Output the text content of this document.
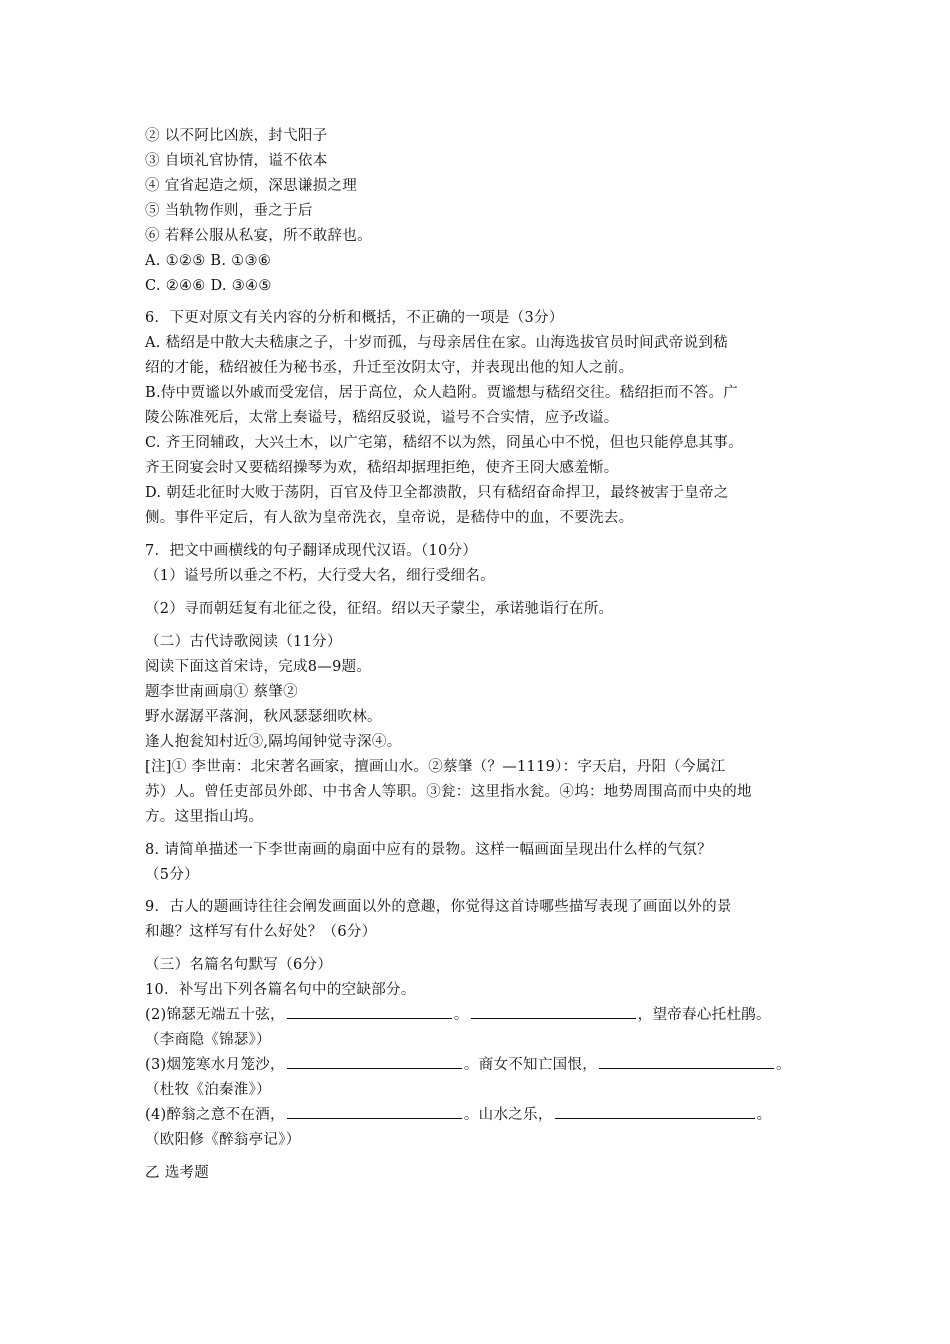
② 以不阿比凶族，封弋阳子
③ 自顷礼官协情，谥不依本
④ 宜省起造之烦，深思谦损之理
⑤ 当轨物作则，垂之于后
⑥ 若释公服从私宴，所不敢辞也。
A. ①②⑤ B. ①③⑥
C. ②④⑥ D. ③④⑤
6．下更对原文有关内容的分析和概括，不正确的一项是（3分）
A. 嵇绍是中散大夫嵇康之子，十岁而孤，与母亲居住在家。山海选拔官员时间武帝说到嵇
绍的才能，嵇绍被任为秘书丞，升迁至汝阴太守，并表现出他的知人之前。
B.侍中贾谧以外戚而受宠信，居于高位，众人趋附。贾谧想与嵇绍交往。嵇绍拒而不答。广
陵公陈准死后，太常上奏谥号，嵇绍反驳说，谥号不合实情，应予改谥。
C. 齐王冏辅政，大兴土木，以广宅第，嵇绍不以为然，冏虽心中不悦，但也只能停息其事。
齐王冏宴会时又要嵇绍操琴为欢，嵇绍却据理拒绝，使齐王冏大感羞惭。
D. 朝廷北征时大败于荡阴，百官及侍卫全都溃散，只有嵇绍奋命捍卫，最终被害于皇帝之
侧。事件平定后，有人欲为皇帝洗衣，皇帝说，是嵇侍中的血，不要洗去。
7．把文中画横线的句子翻译成现代汉语。（10分）
（1）谥号所以垂之不朽，大行受大名，细行受细名。
（2）寻而朝廷复有北征之役，征绍。绍以天子蒙尘，承诺驰诣行在所。
（二）古代诗歌阅读（11分）
阅读下面这首宋诗，完成8—9题。
题李世南画扇① 蔡肇②
野水潺潺平落涧，秋风瑟瑟细吹林。
逢人抱瓮知村近③,隔坞闻钟觉寺深④。
[注]① 李世南：北宋著名画家，擅画山水。②蔡肇（？—1119）：字天启，丹阳（今属江
苏）人。曾任吏部员外郎、中书舍人等职。③瓮：这里指水瓮。④坞：地势周围高而中央的地
方。这里指山坞。
8. 请简单描述一下李世南画的扇面中应有的景物。这样一幅画面呈现出什么样的气氛？
（5分）
9．古人的题画诗往往会阐发画面以外的意趣，你觉得这首诗哪些描写表现了画面以外的景
和趣？这样写有什么好处？（6分）
（三）名篇名句默写（6分）
10．补写出下列各篇名句中的空缺部分。
(2)锦瑟无端五十弦，	。	，望帝春心托杜鹃。
（李商隐《锦瑟》）
(3)烟笼寒水月笼沙，	。商女不知亡国恨，	。
（杜牧《泊秦淮》）
(4)醉翁之意不在酒，	。山水之乐，	。
（欧阳修《醉翁亭记》）
乙 选考题
